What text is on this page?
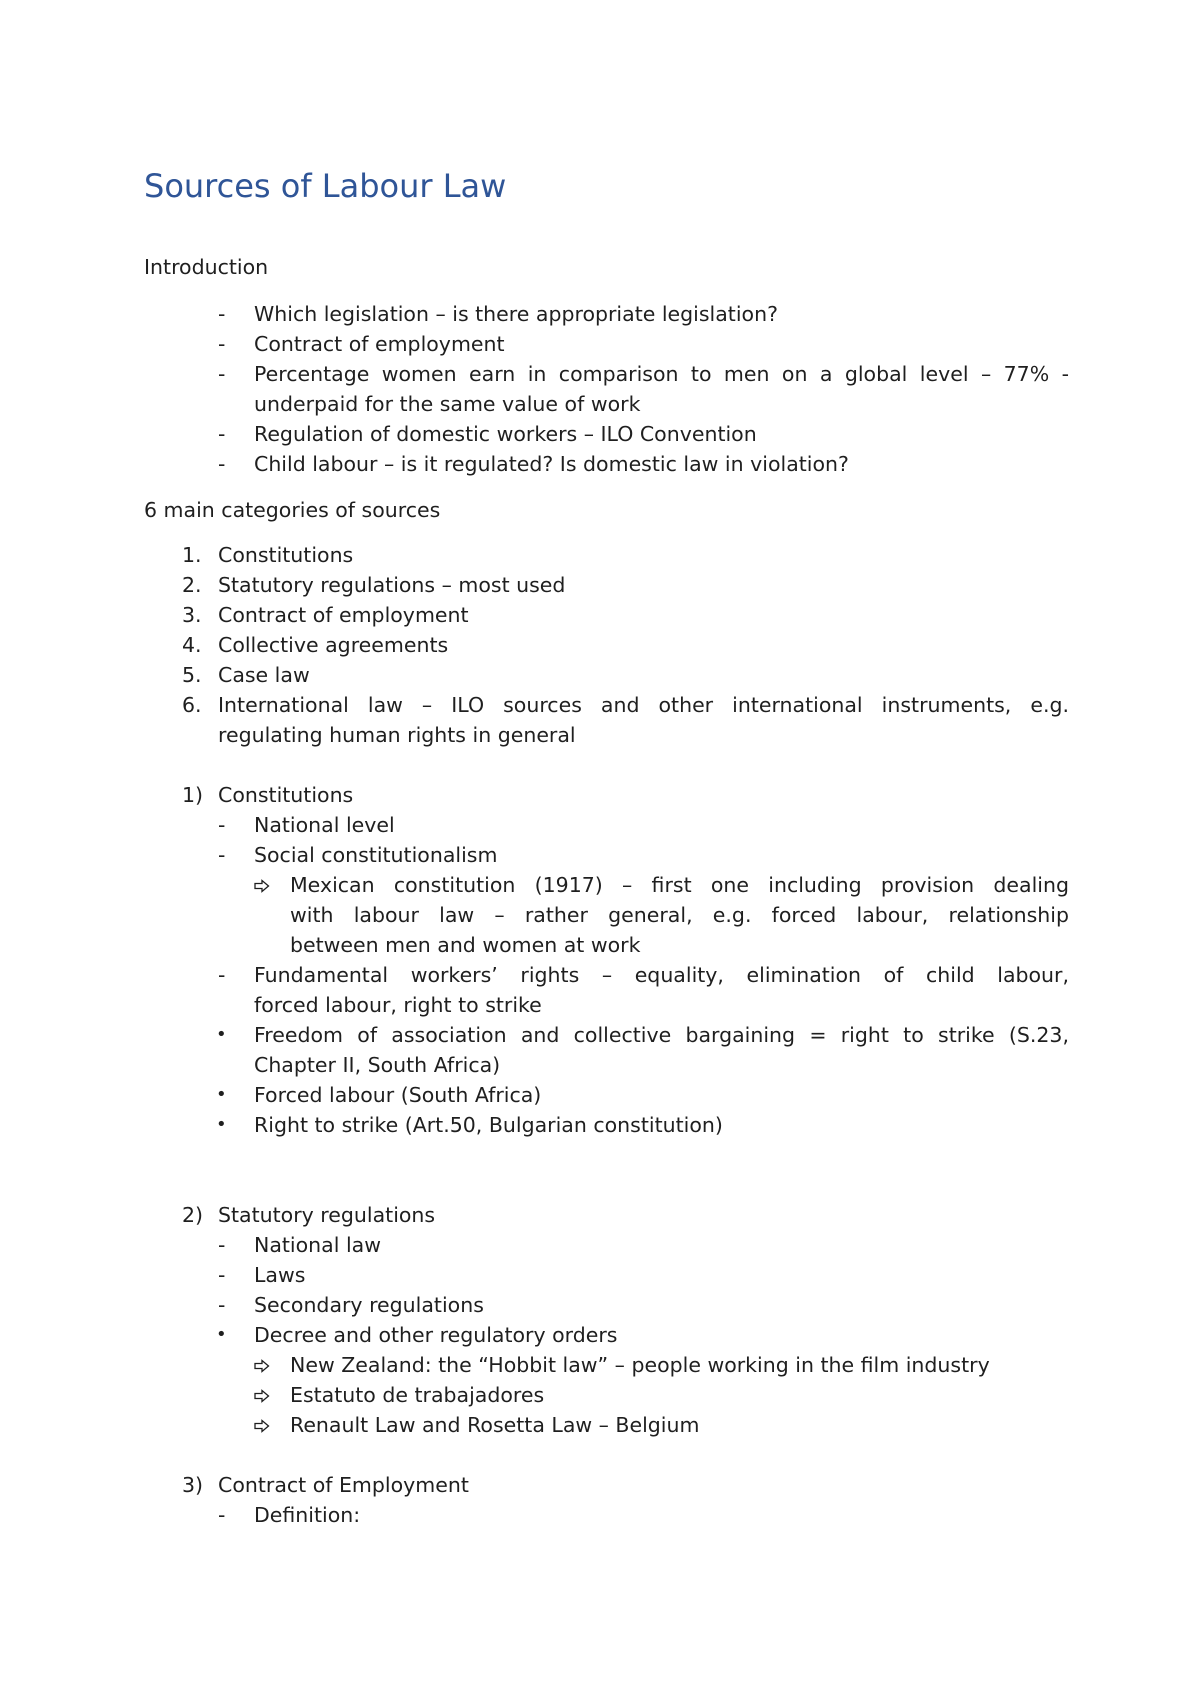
Sources of Labour Law
Introduction
- Which legislation – is there appropriate legislation?
- Contract of employment
- Percentage women earn in comparison to men on a global level – 77% -
underpaid for the same value of work
- Regulation of domestic workers – ILO Convention
- Child labour – is it regulated? Is domestic law in violation?
6 main categories of sources
1. Constitutions
2. Statutory regulations – most used
3. Contract of employment
4. Collective agreements
5. Case law
6. International law – ILO sources and other international instruments, e.g.
regulating human rights in general
1) Constitutions
- National level
- Social constitutionalism
Mexican constitution (1917) – first one including provision dealing
with labour law – rather general, e.g. forced labour, relationship
between men and women at work
- Fundamental workers’ rights – equality, elimination of child labour,
forced labour, right to strike
• Freedom of association and collective bargaining = right to strike (S.23,
Chapter II, South Africa)
• Forced labour (South Africa)
• Right to strike (Art.50, Bulgarian constitution)
2) Statutory regulations
- National law
- Laws
- Secondary regulations
• Decree and other regulatory orders
New Zealand: the “Hobbit law” – people working in the film industry
Estatuto de trabajadores
Renault Law and Rosetta Law – Belgium
3) Contract of Employment
- Definition:
